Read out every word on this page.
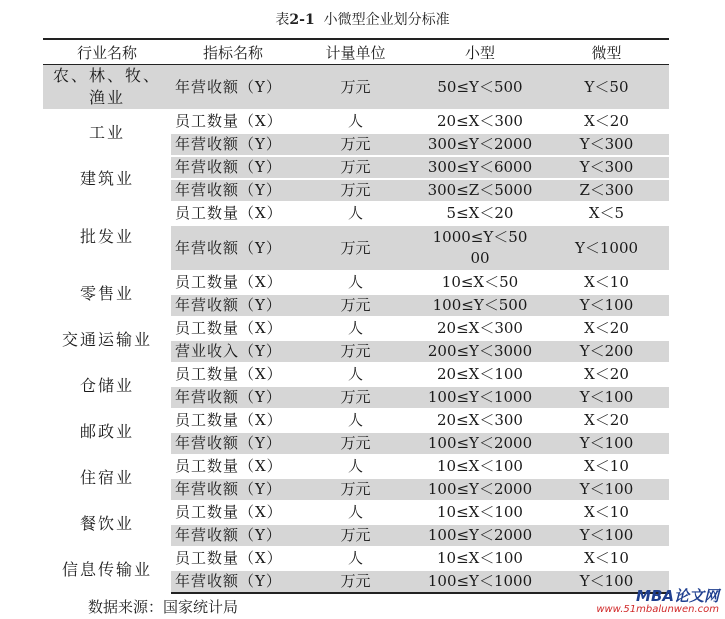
表2-1 小微型企业划分标准
行业名称	指标名称	计量单位	小型	微型
农、林、牧、渔业	年营收额（Y）	万元	50≤Y＜500	Y＜50
工业	员工数量（X）	人	20≤X＜300	X＜20
	年营收额（Y）	万元	300≤Y＜2000	Y＜300
建筑业	年营收额（Y）	万元	300≤Y＜6000	Y＜300
	年营收额（Y）	万元	300≤Z＜5000	Z＜300
批发业	员工数量（X）	人	5≤X＜20	X＜5
	年营收额（Y）	万元	1000≤Y＜5000	Y＜1000
零售业	员工数量（X）	人	10≤X＜50	X＜10
	年营收额（Y）	万元	100≤Y＜500	Y＜100
交通运输业	员工数量（X）	人	20≤X＜300	X＜20
	营业收入（Y）	万元	200≤Y＜3000	Y＜200
仓储业	员工数量（X）	人	20≤X＜100	X＜20
	年营收额（Y）	万元	100≤Y＜1000	Y＜100
邮政业	员工数量（X）	人	20≤X＜300	X＜20
	年营收额（Y）	万元	100≤Y＜2000	Y＜100
住宿业	员工数量（X）	人	10≤X＜100	X＜10
	年营收额（Y）	万元	100≤Y＜2000	Y＜100
餐饮业	员工数量（X）	人	10≤X＜100	X＜10
	年营收额（Y）	万元	100≤Y＜2000	Y＜100
信息传输业	员工数量（X）	人	10≤X＜100	X＜10
	年营收额（Y）	万元	100≤Y＜1000	Y＜100
数据来源：国家统计局
MBA论文网
www.51mbalunwen.com
